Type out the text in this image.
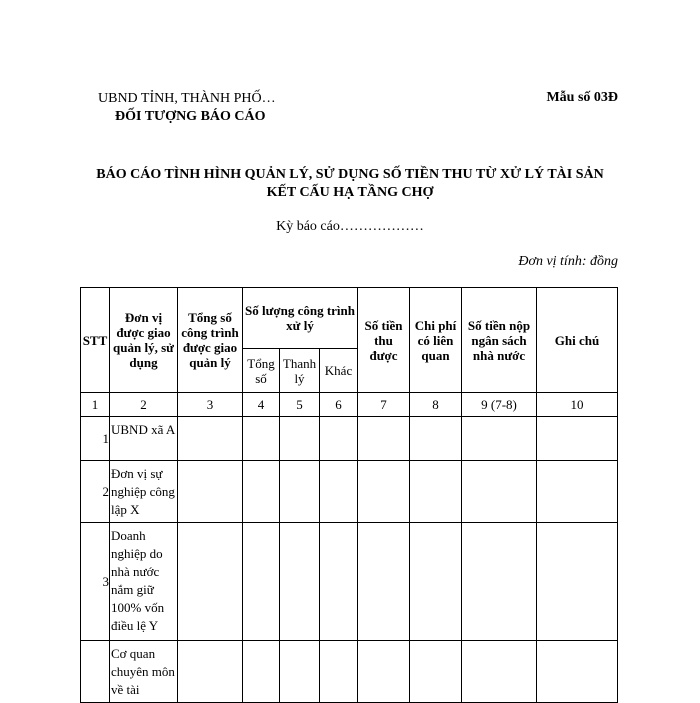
UBND TỈNH, THÀNH PHỐ…
ĐỐI TƯỢNG BÁO CÁO
Mẫu số 03Đ
BÁO CÁO TÌNH HÌNH QUẢN LÝ, SỬ DỤNG SỐ TIỀN THU TỪ XỬ LÝ TÀI SẢN KẾT CẤU HẠ TẦNG CHỢ
Kỳ báo cáo………………
Đơn vị tính: đồng
STT	Đơn vị được giao quản lý, sử dụng	Tổng số công trình được giao quản lý	Số lượng công trình xử lý			Số tiền thu được	Chi phí có liên quan	Số tiền nộp ngân sách nhà nước	Ghi chú
			Tổng số	Thanh lý	Khác				
1	2	3	4	5	6	7	8	9 (7-8)	10
1	UBND xã A								
2	Đơn vị sự nghiệp công lập X								
3	Doanh nghiệp do nhà nước nắm giữ 100% vốn điều lệ Y								
	Cơ quan chuyên môn về tài								
